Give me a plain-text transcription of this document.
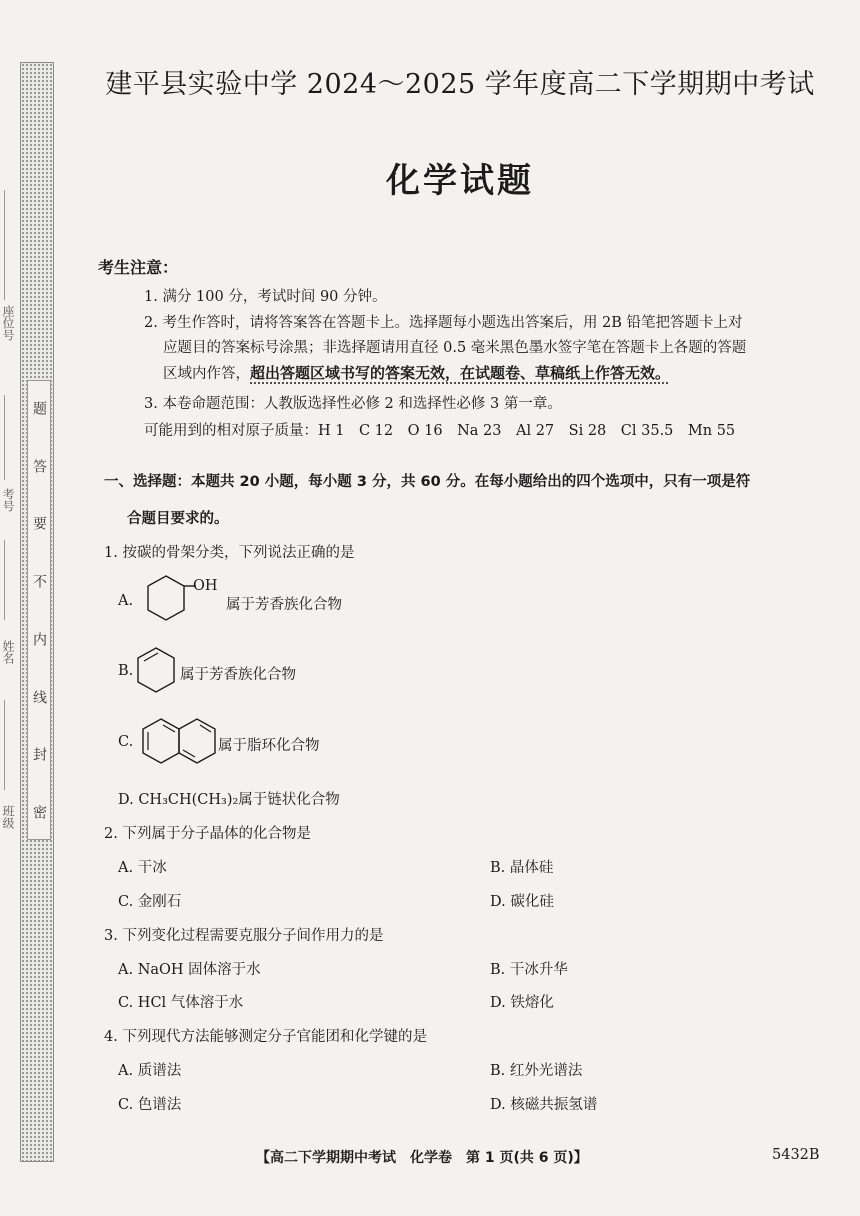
题
答
要
不
内
线
封
密
座位号
考号
姓名
班级
建平县实验中学 2024～2025 学年度高二下学期期中考试
化学试题
考生注意：
1. 满分 100 分，考试时间 90 分钟。
2. 考生作答时，请将答案答在答题卡上。选择题每小题选出答案后，用 2B 铅笔把答题卡上对
应题目的答案标号涂黑；非选择题请用直径 0.5 毫米黑色墨水签字笔在答题卡上各题的答题
区域内作答，超出答题区域书写的答案无效，在试题卷、草稿纸上作答无效。
3. 本卷命题范围：人教版选择性必修 2 和选择性必修 3 第一章。
可能用到的相对原子质量：H 1　C 12　O 16　Na 23　Al 27　Si 28　Cl 35.5　Mn 55
一、选择题：本题共 20 小题，每小题 3 分，共 60 分。在每小题给出的四个选项中，只有一项是符
合题目要求的。
1. 按碳的骨架分类，下列说法正确的是
A.
OH
属于芳香族化合物
B.	属于芳香族化合物
C.	属于脂环化合物
D. CH₃CH(CH₃)₂属于链状化合物
2. 下列属于分子晶体的化合物是
A. 干冰	B. 晶体硅
C. 金刚石	D. 碳化硅
3. 下列变化过程需要克服分子间作用力的是
A. NaOH 固体溶于水	B. 干冰升华
C. HCl 气体溶于水	D. 铁熔化
4. 下列现代方法能够测定分子官能团和化学键的是
A. 质谱法	B. 红外光谱法
C. 色谱法	D. 核磁共振氢谱
【高二下学期期中考试　化学卷　第 1 页(共 6 页)】	5432B
